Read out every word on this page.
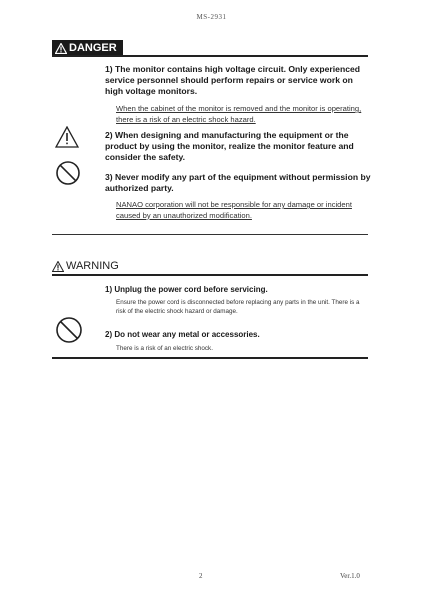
MS-2931
DANGER
1) The monitor contains high voltage circuit. Only experienced service personnel should perform repairs or service work on high voltage monitors.
When the cabinet of the monitor is removed and the monitor is operating, there is a risk of an electric shock hazard.
2) When designing and manufacturing the equipment or the product by using the monitor, realize the monitor feature and consider the safety.
3) Never modify any part of the equipment without permission by authorized party.
NANAO corporation will not be responsible for any damage or incident caused by an unauthorized modification.
WARNING
1) Unplug the power cord before servicing.
Ensure the power cord is disconnected before replacing any parts in the unit. There is a risk of the electric shock hazard or damage.
2) Do not wear any metal or accessories.
There is a risk of an electric shock.
2	Ver.1.0
